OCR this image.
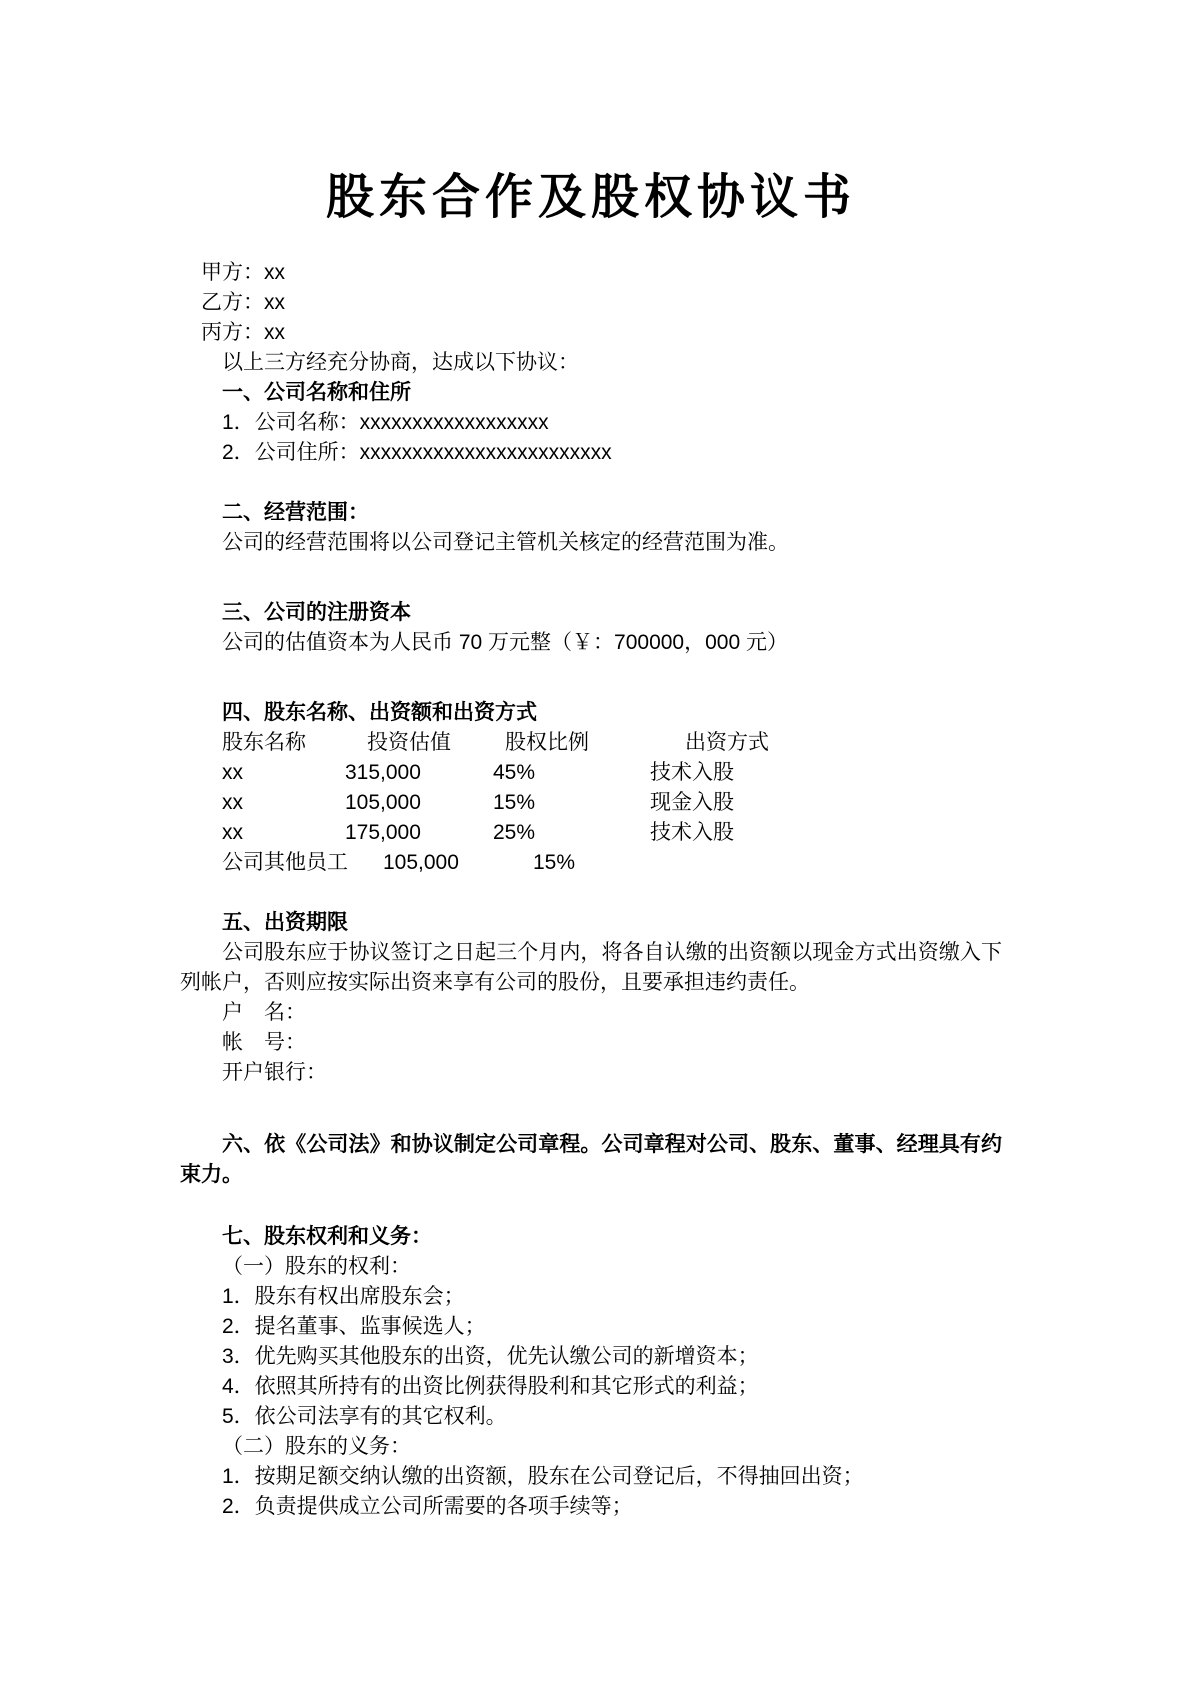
股东合作及股权协议书
甲方：xx
乙方：xx
丙方：xx
以上三方经充分协商，达成以下协议：
一、公司名称和住所
1．公司名称：xxxxxxxxxxxxxxxxxx
2．公司住所：xxxxxxxxxxxxxxxxxxxxxxxx
二、经营范围：
公司的经营范围将以公司登记主管机关核定的经营范围为准。
三、公司的注册资本
公司的估值资本为人民币 70 万元整（￥：700000，000 元）
四、股东名称、出资额和出资方式
股东名称	投资估值	股权比例	出资方式
xx	315,000	45%	技术入股
xx	105,000	15%	现金入股
xx	175,000	25%	技术入股
公司其他员工 105,000	15%
五、出资期限

公司股东应于协议签订之日起三个月内，将各自认缴的出资额以现金方式出资缴入下列帐户，否则应按实际出资来享有公司的股份，且要承担违约责任。

户　名：
帐　号：
开户银行：

六、依《公司法》和协议制定公司章程。公司章程对公司、股东、董事、经理具有约束力。

七、股东权利和义务：
（一）股东的权利：
1．股东有权出席股东会；
2．提名董事、监事候选人；
3．优先购买其他股东的出资，优先认缴公司的新增资本；
4．依照其所持有的出资比例获得股利和其它形式的利益；
5．依公司法享有的其它权利。
（二）股东的义务：
1．按期足额交纳认缴的出资额，股东在公司登记后，不得抽回出资；
2．负责提供成立公司所需要的各项手续等；
